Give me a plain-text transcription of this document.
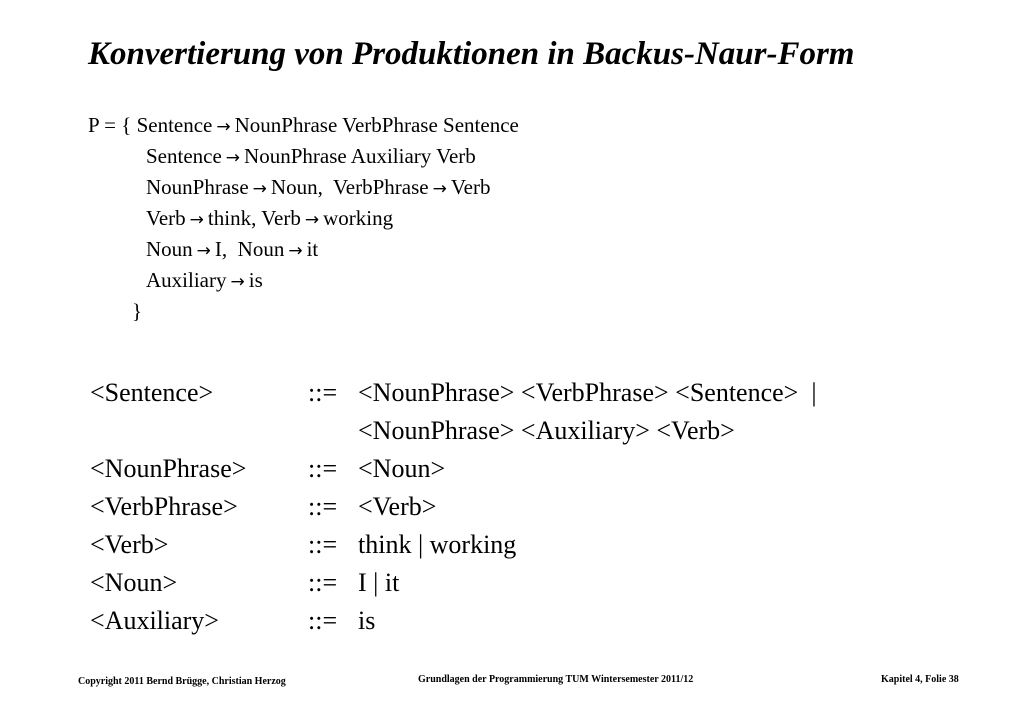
Konvertierung von Produktionen in Backus-Naur-Form
P = { Sentence → NounPhrase VerbPhrase Sentence
Sentence → NounPhrase Auxiliary Verb
NounPhrase → Noun,  VerbPhrase → Verb
Verb → think, Verb → working
Noun → I,  Noun → it
Auxiliary → is
}
<Sentence>	::= <NounPhrase> <VerbPhrase> <Sentence>  |
<NounPhrase> <Auxiliary> <Verb>
<NounPhrase>	::= <Noun>
<VerbPhrase>	::= <Verb>
<Verb>	::= think | working
<Noun>	::= I | it
<Auxiliary>	::= is
Copyright 2011 Bernd Brügge, Christian Herzog	Grundlagen der Programmierung TUM Wintersemester 2011/12	Kapitel 4, Folie 38
